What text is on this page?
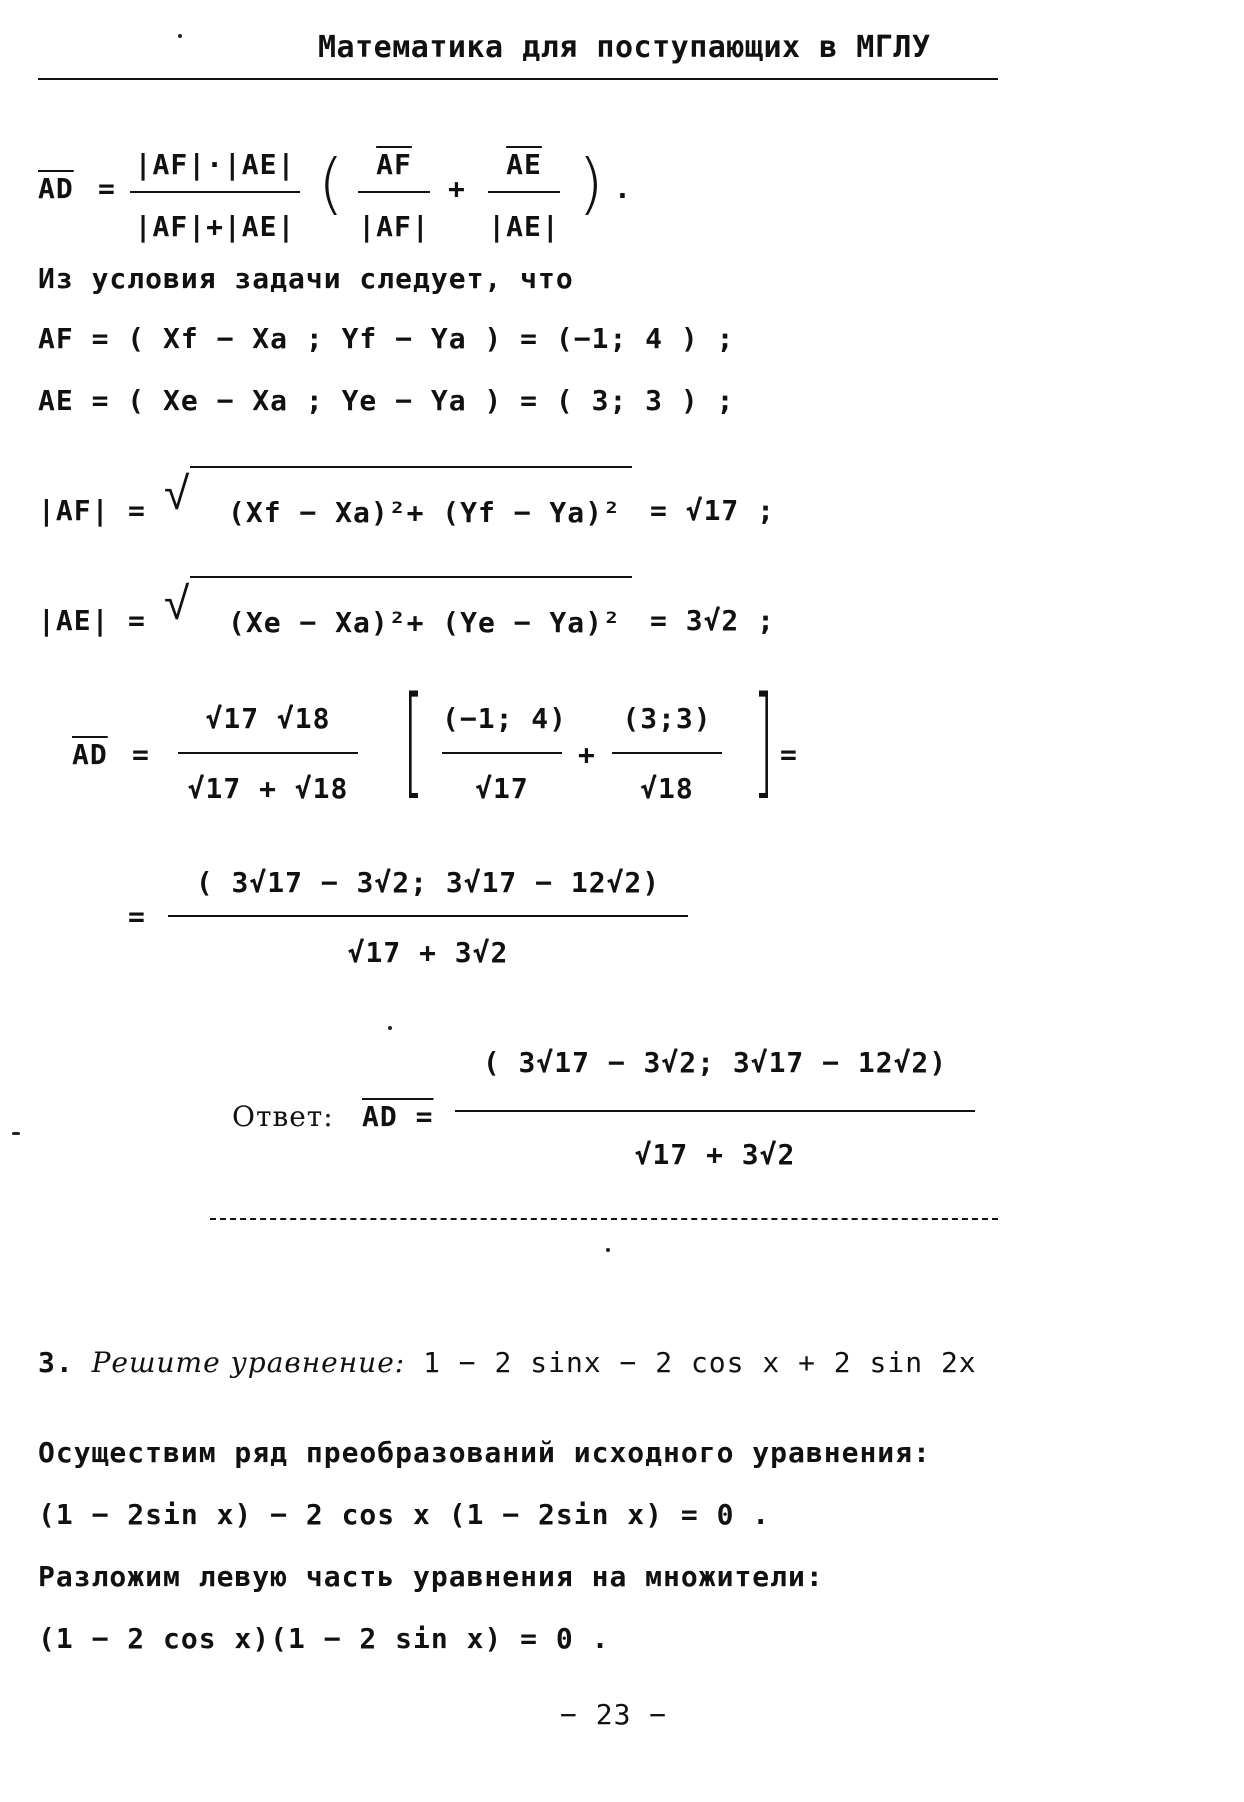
Математика для поступающих в МГЛУ
$\overline{AD}$ =
|AF|·|AE|
|AF|+|AE|
(	$\overline{AF}$
|AF|
+
$\overline{AE}$
|AE|
) .
Из условия задачи следует, что
AF = ( Xf − Xa ; Yf − Ya ) = (−1; 4 ) ;
AE = ( Xe − Xa ; Ye − Ya ) = ( 3; 3 ) ;
|AF| = √ (Xf − Xa)²+ (Yf − Ya)² = √17 ;
|AE| = √ (Xe − Xa)²+ (Ye − Ya)² = 3√2 ;
$\overline{AD}$ =
√17 √18
√17 + √18 [ (−1; 4)
√17
+
(3;3)
√18 ] =
=
( 3√17 − 3√2; 3√17 − 12√2)
√17 + 3√2
Ответ: AD =
( 3√17 − 3√2; 3√17 − 12√2)
√17 + 3√2
3. Решите уравнение: 1 − 2 sinx − 2 cos x + 2 sin 2x
Осуществим ряд преобразований исходного уравнения:
(1 − 2sin x) − 2 cos x (1 − 2sin x) = 0 .
Разложим левую часть уравнения на множители:
(1 − 2 cos x)(1 − 2 sin x) = 0 .
− 23 −
